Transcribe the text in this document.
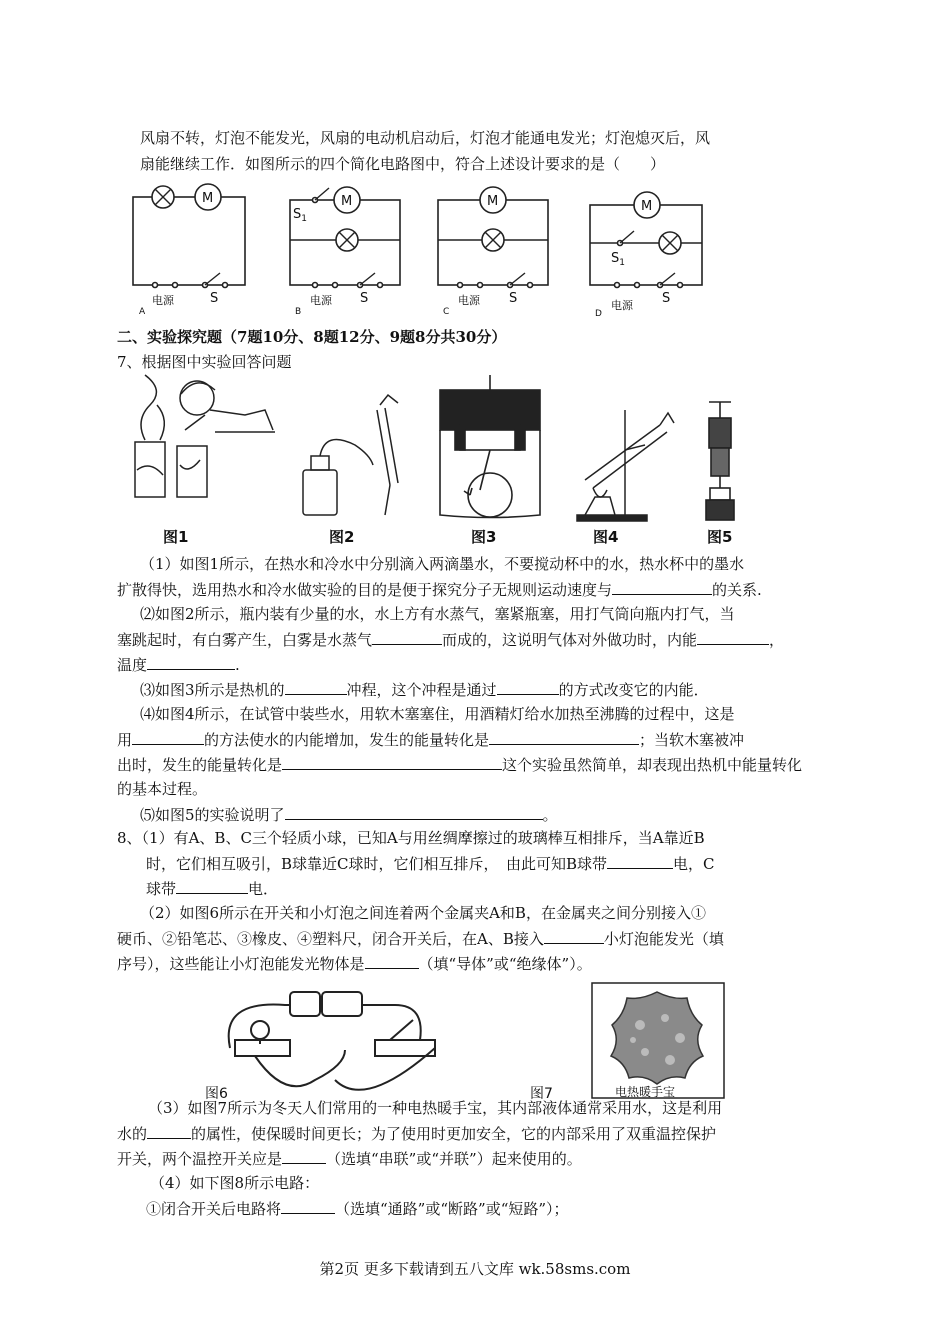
风扇不转，灯泡不能发光，风扇的电动机启动后，灯泡才能通电发光；灯泡熄灭后，风
扇能继续工作．如图所示的四个简化电路图中，符合上述设计要求的是（　　）
M	M	M	M
$S_1$
$S_1$
电源	S	电源 S	电源 S	电源 S
A	B	C	D
二、实验探究题（7题10分、8题12分、9题8分共30分）
7、根据图中实验回答问题
图1	图2	图3	图4	图5
（1）如图1所示，在热水和冷水中分别滴入两滴墨水，不要搅动杯中的水，热水杯中的墨水
扩散得快，选用热水和冷水做实验的目的是便于探究分子无规则运动速度与	的关系.
⑵如图2所示，瓶内装有少量的水，水上方有水蒸气，塞紧瓶塞，用打气筒向瓶内打气，当
塞跳起时，有白雾产生，白雾是水蒸气	而成的，这说明气体对外做功时，内能	，
温度	.
⑶如图3所示是热机的	冲程，这个冲程是通过	的方式改变它的内能．
⑷如图4所示，在试管中装些水，用软木塞塞住，用酒精灯给水加热至沸腾的过程中，这是
用	的方法使水的内能增加，发生的能量转化是	；当软木塞被冲
出时，发生的能量转化是	这个实验虽然简单，却表现出热机中能量转化
的基本过程。
⑸如图5的实验说明了	。
8、（1）有A、B、C三个轻质小球，已知A与用丝绸摩擦过的玻璃棒互相排斥，当A靠近B
时，它们相互吸引，B球靠近C球时，它们相互排斥，　由此可知B球带	电，C
球带	电．
（2）如图6所示在开关和小灯泡之间连着两个金属夹A和B，在金属夹之间分别接入①
硬币、②铅笔芯、③橡皮、④塑料尺，闭合开关后，在A、B接入	小灯泡能发光（填
序号），这些能让小灯泡能发光物体是	（填“导体”或“绝缘体”）。
图6	图7	电热暖手宝
（3）如图7所示为冬天人们常用的一种电热暖手宝，其内部液体通常采用水，这是利用
水的	的属性，使保暖时间更长；为了使用时更加安全，它的内部采用了双重温控保护
开关，两个温控开关应是	（选填“串联”或“并联”）起来使用的。
（4）如下图8所示电路：
①闭合开关后电路将	（选填“通路”或“断路”或“短路”）；
第2页 更多下载请到五八文库 wk.58sms.com
